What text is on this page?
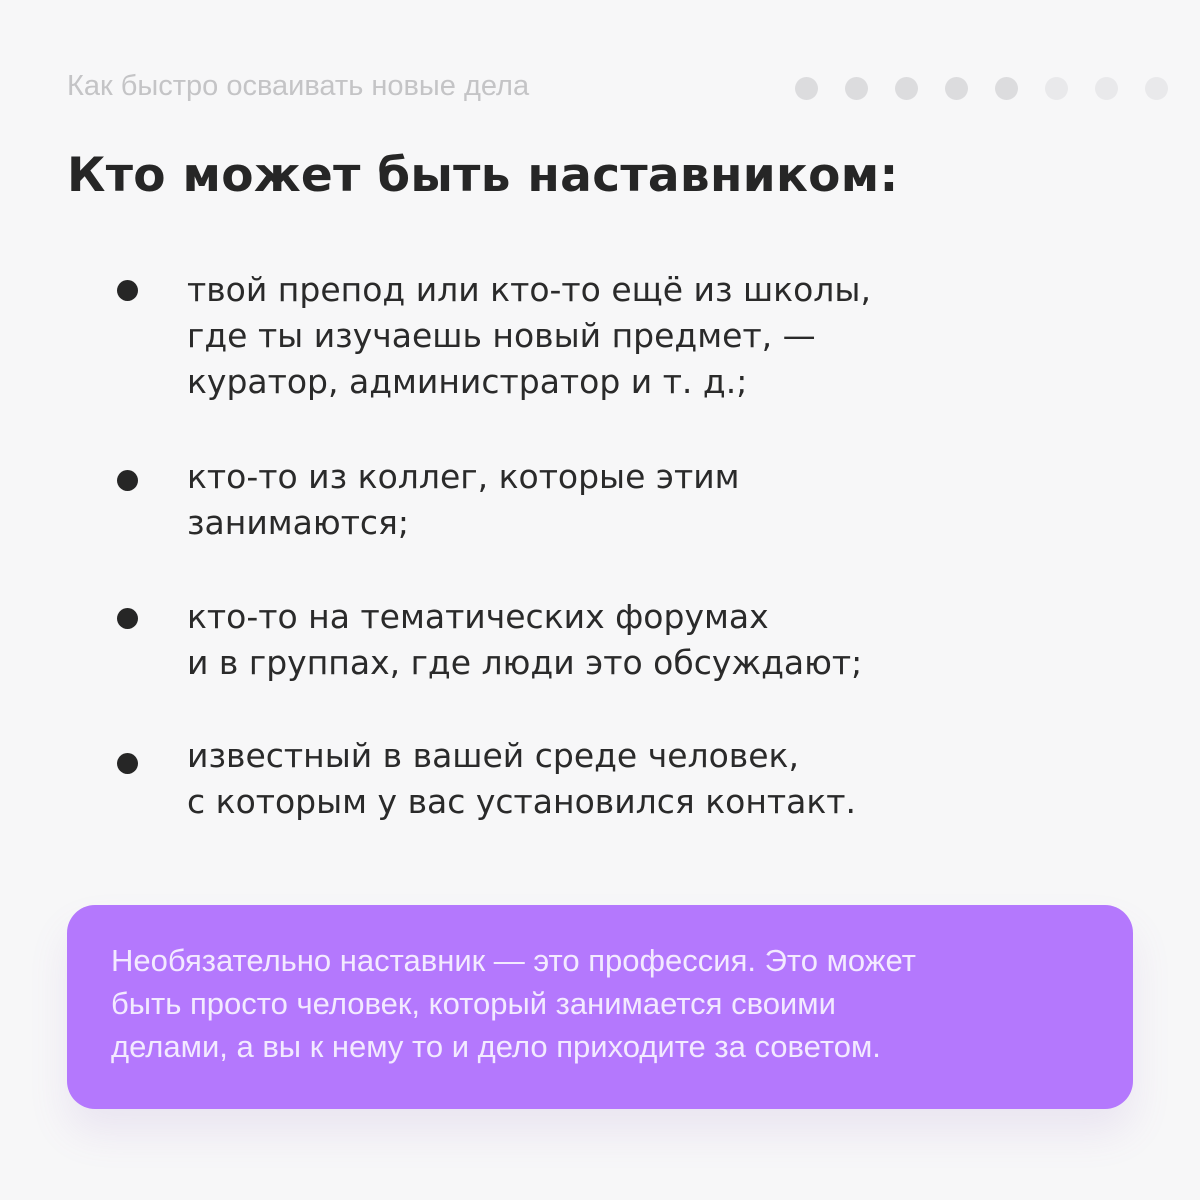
Как быстро осваивать новые дела
Кто может быть наставником:
твой препод или кто‑то ещё из школы,
где ты изучаешь новый предмет, —
куратор, администратор и т. д.;
кто‑то из коллег, которые этим
занимаются;
кто‑то на тематических форумах
и в группах, где люди это обсуждают;
известный в вашей среде человек,
с которым у вас установился контакт.
Необязательно наставник — это профессия. Это может
быть просто человек, который занимается своими
делами, а вы к нему то и дело приходите за советом.
